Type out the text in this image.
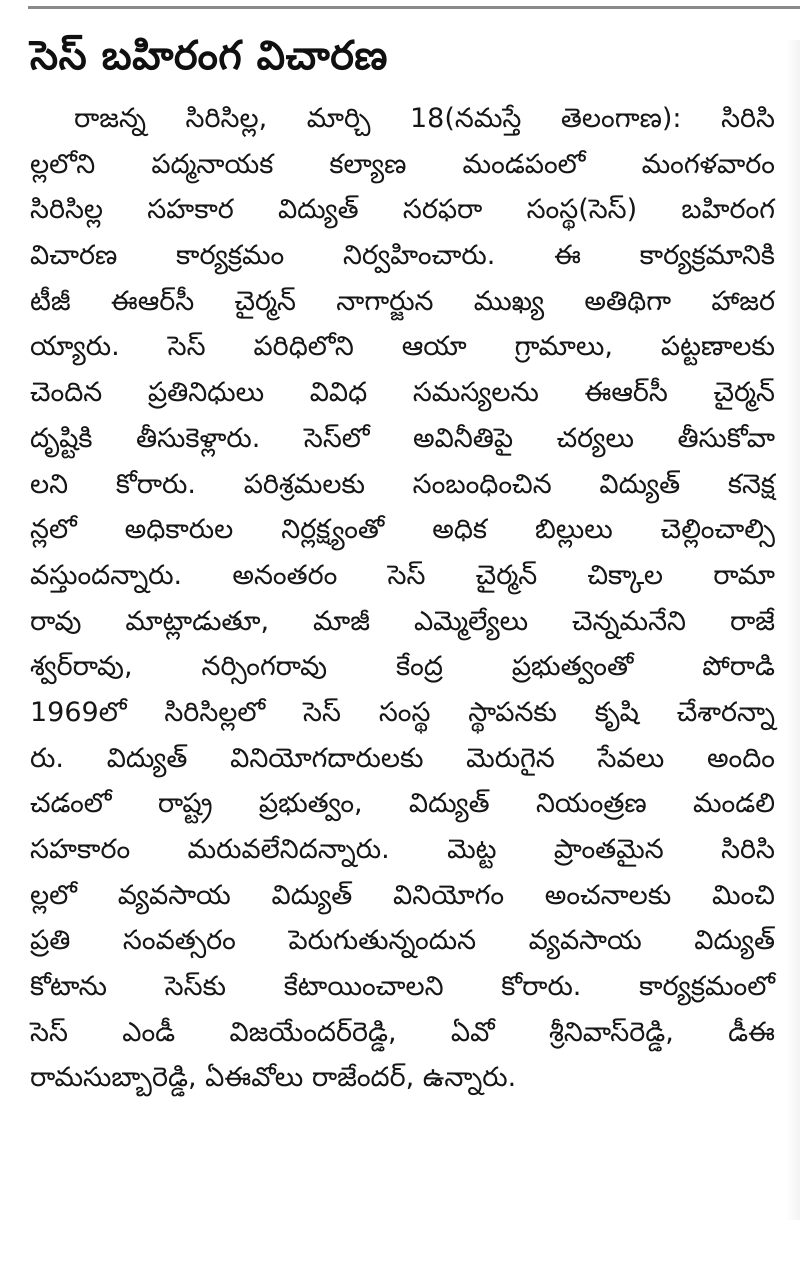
సెస్ బహిరంగ విచారణ
రాజన్న సిరిసిల్ల, మార్చి 18(నమస్తే తెలంగాణ): సిరిసి
ల్లలోని పద్మనాయక కల్యాణ మండపంలో మంగళవారం
సిరిసిల్ల సహకార విద్యుత్ సరఫరా సంస్థ(సెస్) బహిరంగ
విచారణ కార్యక్రమం నిర్వహించారు. ఈ కార్యక్రమానికి
టీజీ ఈఆర్‌సీ చైర్మన్ నాగార్జున ముఖ్య అతిథిగా హాజర
య్యారు. సెస్ పరిధిలోని ఆయా గ్రామాలు, పట్టణాలకు
చెందిన ప్రతినిధులు వివిధ సమస్యలను ఈఆర్‌సీ చైర్మన్
దృష్టికి తీసుకెళ్లారు. సెస్‌లో అవినీతిపై చర్యలు తీసుకోవా
లని కోరారు. పరిశ్రమలకు సంబంధించిన విద్యుత్ కనెక్ష
న్లలో అధికారుల నిర్లక్ష్యంతో అధిక బిల్లులు చెల్లించాల్సి
వస్తుందన్నారు. అనంతరం సెస్ చైర్మన్ చిక్కాల రామా
రావు మాట్లాడుతూ, మాజీ ఎమ్మెల్యేలు చెన్నమనేని రాజే
శ్వర్‌రావు, నర్సింగరావు కేంద్ర ప్రభుత్వంతో పోరాడి
1969లో సిరిసిల్లలో సెస్ సంస్థ స్థాపనకు కృషి చేశారన్నా
రు. విద్యుత్ వినియోగదారులకు మెరుగైన సేవలు అందిం
చడంలో రాష్ట్ర ప్రభుత్వం, విద్యుత్ నియంత్రణ మండలి
సహకారం మరువలేనిదన్నారు. మెట్ట ప్రాంతమైన సిరిసి
ల్లలో వ్యవసాయ విద్యుత్ వినియోగం అంచనాలకు మించి
ప్రతి సంవత్సరం పెరుగుతున్నందున వ్యవసాయ విద్యుత్
కోటాను సెస్‌కు కేటాయించాలని కోరారు. కార్యక్రమంలో
సెస్ ఎండీ విజయేందర్‌రెడ్డి, ఏవో శ్రీనివాస్‌రెడ్డి, డీఈ
రామసుబ్బారెడ్డి, ఏఈవోలు రాజేందర్, ఉన్నారు.
